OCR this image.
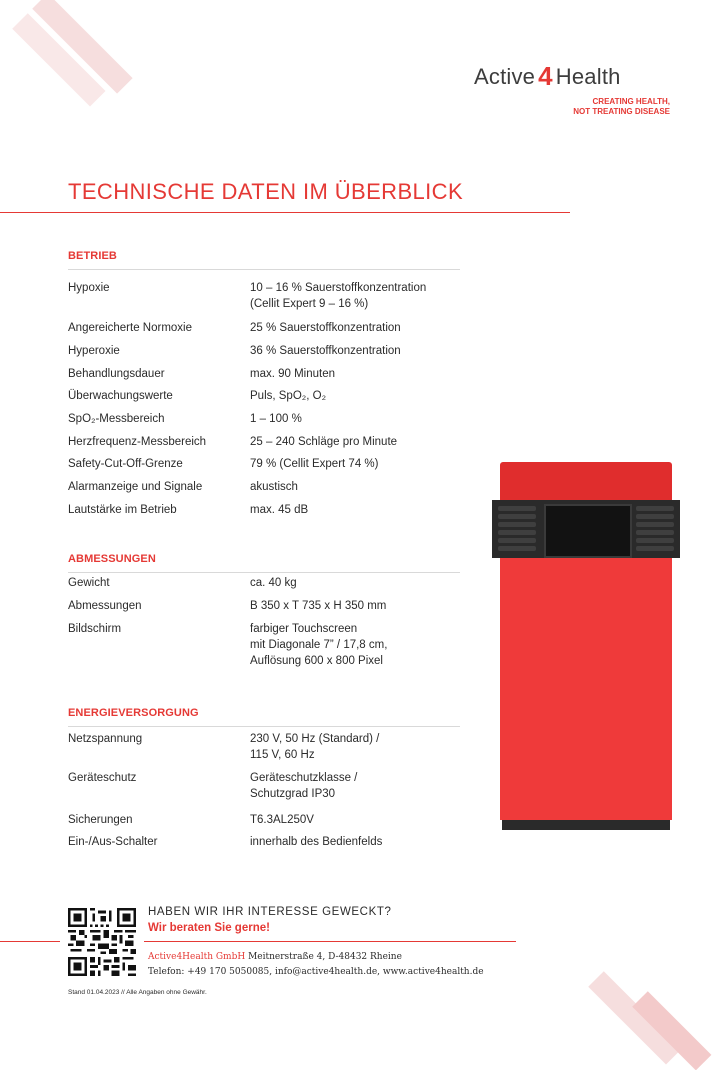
Active 4 Health
CREATING HEALTH,
NOT TREATING DISEASE
TECHNISCHE DATEN IM ÜBERBLICK
BETRIEB
Hypoxie	10 – 16 % Sauerstoffkonzentration
(Cellit Expert 9 – 16 %)
Angereicherte Normoxie	25 % Sauerstoffkonzentration
Hyperoxie	36 % Sauerstoffkonzentration
Behandlungsdauer	max. 90 Minuten
Überwachungswerte	Puls, SpO₂, O₂
SpO₂-Messbereich	1 – 100 %
Herzfrequenz-Messbereich	25 – 240 Schläge pro Minute
Safety-Cut-Off-Grenze	79 % (Cellit Expert 74 %)
Alarmanzeige und Signale	akustisch
Lautstärke im Betrieb	max. 45 dB
ABMESSUNGEN
Gewicht	ca. 40 kg
Abmessungen	B 350 x T 735 x H 350 mm
Bildschirm	farbiger Touchscreen
mit Diagonale 7” / 17,8 cm,
Auflösung 600 x 800 Pixel
ENERGIEVERSORGUNG
Netzspannung	230 V, 50 Hz (Standard) /
115 V, 60 Hz
Geräteschutz	Geräteschutzklasse /
Schutzgrad IP30
Sicherungen	T6.3AL250V
Ein-/Aus-Schalter	innerhalb des Bedienfelds
HABEN WIR IHR INTERESSE GEWECKT?
Wir beraten Sie gerne!
Active4Health GmbH Meitnerstraße 4, D-48432 Rheine
Telefon: +49 170 5050085, info@active4health.de, www.active4health.de
Stand 01.04.2023 // Alle Angaben ohne Gewähr.
